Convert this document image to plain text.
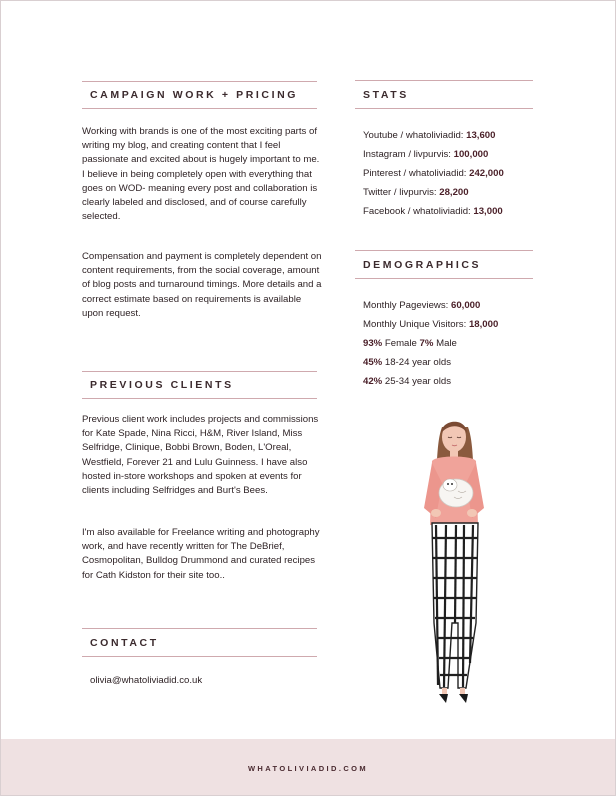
CAMPAIGN WORK + PRICING
Working with brands is one of the most exciting parts of writing my blog, and creating content that I feel passionate and excited about is hugely important to me. I believe in being completely open with everything that goes on WOD- meaning every post and collaboration is clearly labeled and disclosed, and of course carefully selected.
Compensation and payment is completely dependent on content requirements, from the social coverage, amount of blog posts and turnaround timings. More details and a correct estimate based on requirements is available upon request.
PREVIOUS CLIENTS
Previous client work includes projects and commissions for Kate Spade, Nina Ricci, H&M, River Island, Miss Selfridge, Clinique, Bobbi Brown, Boden, L'Oreal, Westfield, Forever 21 and Lulu Guinness. I have also hosted in-store workshops and spoken at events for clients including Selfridges and Burt's Bees.
I'm also available for Freelance writing and photography work, and have recently written for The DeBrief, Cosmopolitan, Bulldog Drummond and curated recipes for Cath Kidston for their site too..
CONTACT
olivia@whatoliviadid.co.uk
STATS
Youtube / whatoliviadid: 13,600
Instagram / livpurvis: 100,000
Pinterest / whatoliviadid: 242,000
Twitter / livpurvis: 28,200
Facebook / whatoliviadid: 13,000
DEMOGRAPHICS
Monthly Pageviews: 60,000
Monthly Unique Visitors: 18,000
93% Female 7% Male
45% 18-24 year olds
42% 25-34 year olds
WHATOLIVIADID.COM
